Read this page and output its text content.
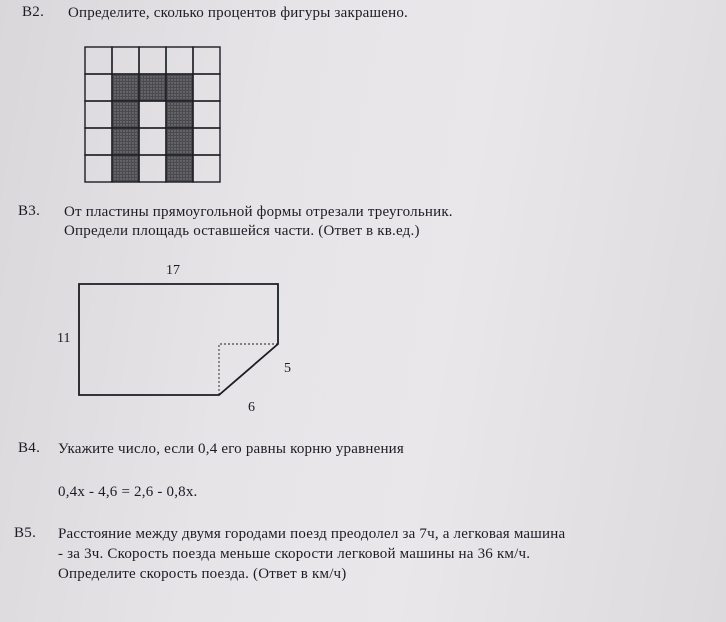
B2. Определите, сколько процентов фигуры закрашено.
B3. От пластины прямоугольной формы отрезали треугольник.
Определи площадь оставшейся части. (Ответ в кв.ед.)
17
11
5
6
B4. Укажите число, если 0,4 его равны корню уравнения
0,4x - 4,6 = 2,6 - 0,8x.
B5. Расстояние между двумя городами поезд преодолел за 7ч, а легковая машина
- за 3ч. Скорость поезда меньше скорости легковой машины на 36 км/ч.
Определите скорость поезда. (Ответ в км/ч)
